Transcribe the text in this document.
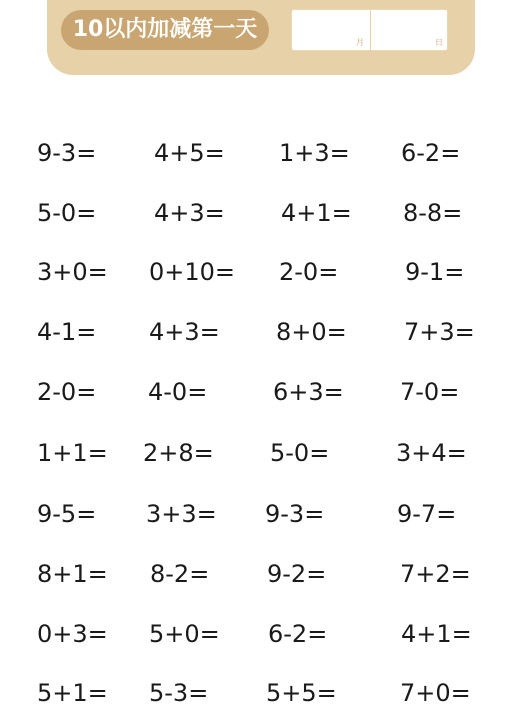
10以内加减第一天
月	日
9-3= 4+5= 1+3= 6-2=
5-0= 4+3= 4+1= 8-8=
3+0= 0+10= 2-0=	9-1=
4-1= 4+3= 8+0= 7+3=
2-0= 4-0=	6+3= 7-0=
1+1= 2+8= 5-0=	3+4=
9-5= 3+3= 9-3=	9-7=
8+1= 8-2= 9-2=	7+2=
0+3= 5+0= 6-2=	4+1=
5+1= 5-3= 5+5=	7+0=
